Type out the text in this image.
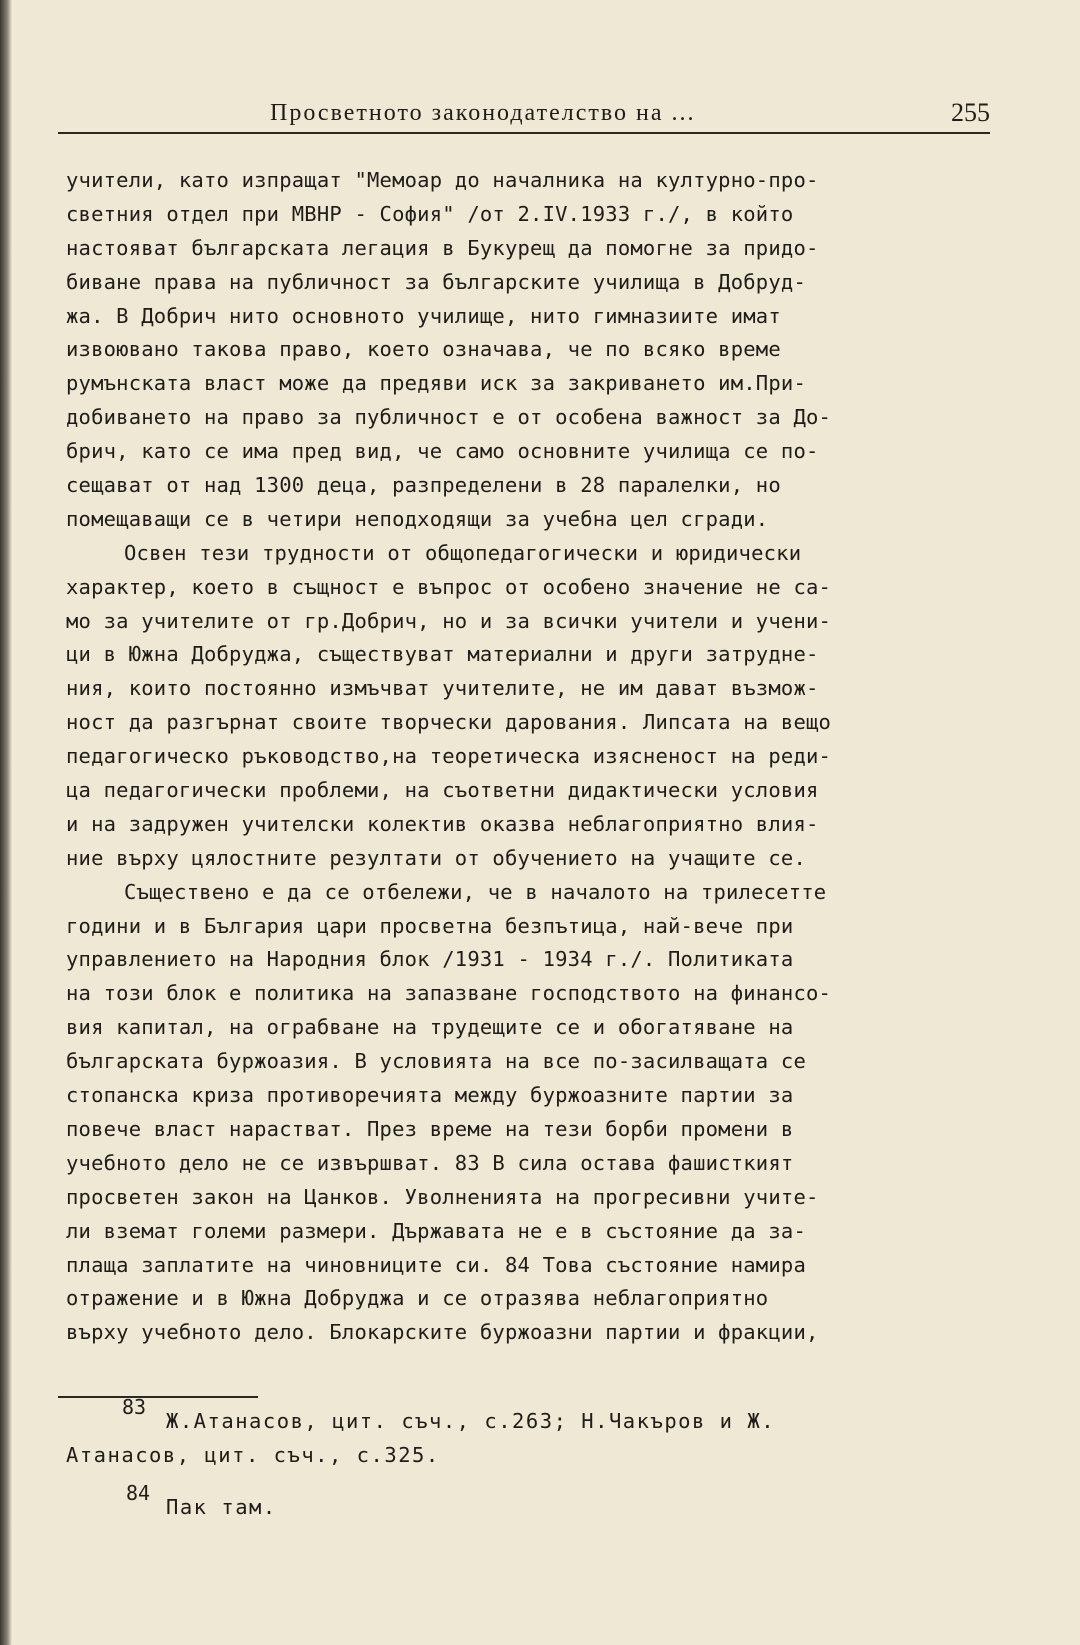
Просветното законодателство на ...	255
учители, като изпращат "Мемоар до началника на културно-про-
светния отдел при МВНР - София" /от 2.IV.1933 г./, в който
настояват българската легация в Букурещ да помогне за придо-
биване права на публичност за българските училища в Добруд-
жа. В Добрич нито основното училище, нито гимназиите имат
извоювано такова право, което означава, че по всяко време
румънската власт може да предяви иск за закриването им.При-
добиването на право за публичност е от особена важност за До-
брич, като се има пред вид, че само основните училища се по-
сещават от над 1300 деца, разпределени в 28 паралелки, но
помещаващи се в четири неподходящи за учебна цел сгради.
Освен тези трудности от общопедагогически и юридически
характер, което в същност е въпрос от особено значение не са-
мо за учителите от гр.Добрич, но и за всички учители и учени-
ци в Южна Добруджа, съществуват материални и други затрудне-
ния, които постоянно измъчват учителите, не им дават възмож-
ност да разгърнат своите творчески дарования. Липсата на вещо
педагогическо ръководство,на теоретическа изясненост на реди-
ца педагогически проблеми, на съответни дидактически условия
и на задружен учителски колектив оказва неблагоприятно влия-
ние върху цялостните резултати от обучението на учащите се.
Съществено е да се отбележи, че в началото на трилесетте
години и в България цари просветна безпътица, най-вече при
управлението на Народния блок /1931 - 1934 г./. Политиката
на този блок е политика на запазване господството на финансо-
вия капитал, на ограбване на трудещите се и обогатяване на
българската буржоазия. В условията на все по-засилващата се
стопанска криза противоречията между буржоазните партии за
повече власт нарастват. През време на тези борби промени в
учебното дело не се извършват. 83 В сила остава фашисткият
просветен закон на Цанков. Уволненията на прогресивни учите-
ли вземат големи размери. Държавата не е в състояние да за-
плаща заплатите на чиновниците си. 84 Това състояние намира
отражение и в Южна Добруджа и се отразява неблагоприятно
върху учебното дело. Блокарските буржоазни партии и фракции,
83
Ж.Атанасов, цит. съч., с.263; Н.Чакъров и Ж.
Атанасов, цит. съч., с.325.
84
Пак там.
